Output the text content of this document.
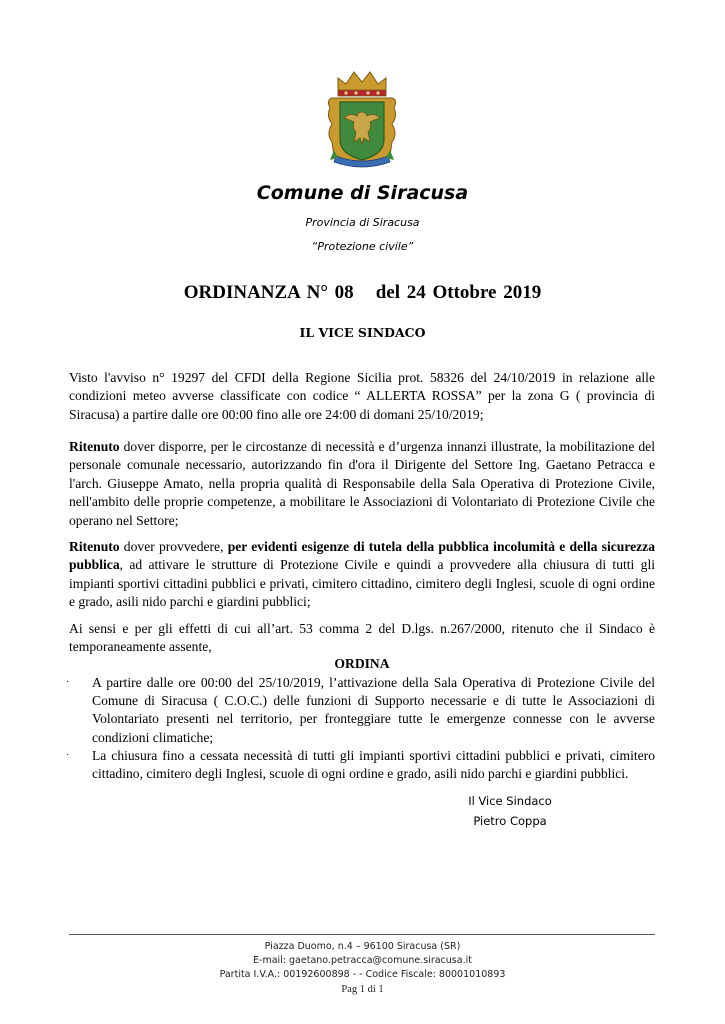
Comune di Siracusa
Provincia di Siracusa
“Protezione civile”
ORDINANZA N° 08 del 24 Ottobre 2019
IL VICE SINDACO
Visto l'avviso n° 19297 del CFDI della Regione Sicilia prot. 58326 del 24/10/2019 in relazione alle condizioni meteo avverse classificate con codice “ ALLERTA ROSSA” per la zona G ( provincia di Siracusa) a partire dalle ore 00:00 fino alle ore 24:00 di domani 25/10/2019;
Ritenuto dover disporre, per le circostanze di necessità e d’urgenza innanzi illustrate, la mobilitazione del personale comunale necessario, autorizzando fin d'ora il Dirigente del Settore Ing. Gaetano Petracca e l'arch. Giuseppe Amato, nella propria qualità di Responsabile della Sala Operativa di Protezione Civile, nell'ambito delle proprie competenze, a mobilitare le Associazioni di Volontariato di Protezione Civile che operano nel Settore;
Ritenuto dover provvedere, per evidenti esigenze di tutela della pubblica incolumità e della sicurezza pubblica, ad attivare le strutture di Protezione Civile e quindi a provvedere alla chiusura di tutti gli impianti sportivi cittadini pubblici e privati, cimitero cittadino, cimitero degli Inglesi, scuole di ogni ordine e grado, asili nido parchi e giardini pubblici;
Ai sensi e per gli effetti di cui all’art. 53 comma 2 del D.lgs. n.267/2000, ritenuto che il Sindaco è temporaneamente assente,
ORDINA
· A partire dalle ore 00:00 del 25/10/2019, l’attivazione della Sala Operativa di Protezione Civile del Comune di Siracusa ( C.O.C.) delle funzioni di Supporto necessarie e di tutte le Associazioni di Volontariato presenti nel territorio, per fronteggiare tutte le emergenze connesse con le avverse condizioni climatiche;
· La chiusura fino a cessata necessità di tutti gli impianti sportivi cittadini pubblici e privati, cimitero cittadino, cimitero degli Inglesi, scuole di ogni ordine e grado, asili nido parchi e giardini pubblici.
Il Vice Sindaco
Pietro Coppa
Piazza Duomo, n.4 – 96100 Siracusa (SR)
E-mail: gaetano.petracca@comune.siracusa.it
Partita I.V.A.: 00192600898 - - Codice Fiscale: 80001010893
Pag 1 di 1
